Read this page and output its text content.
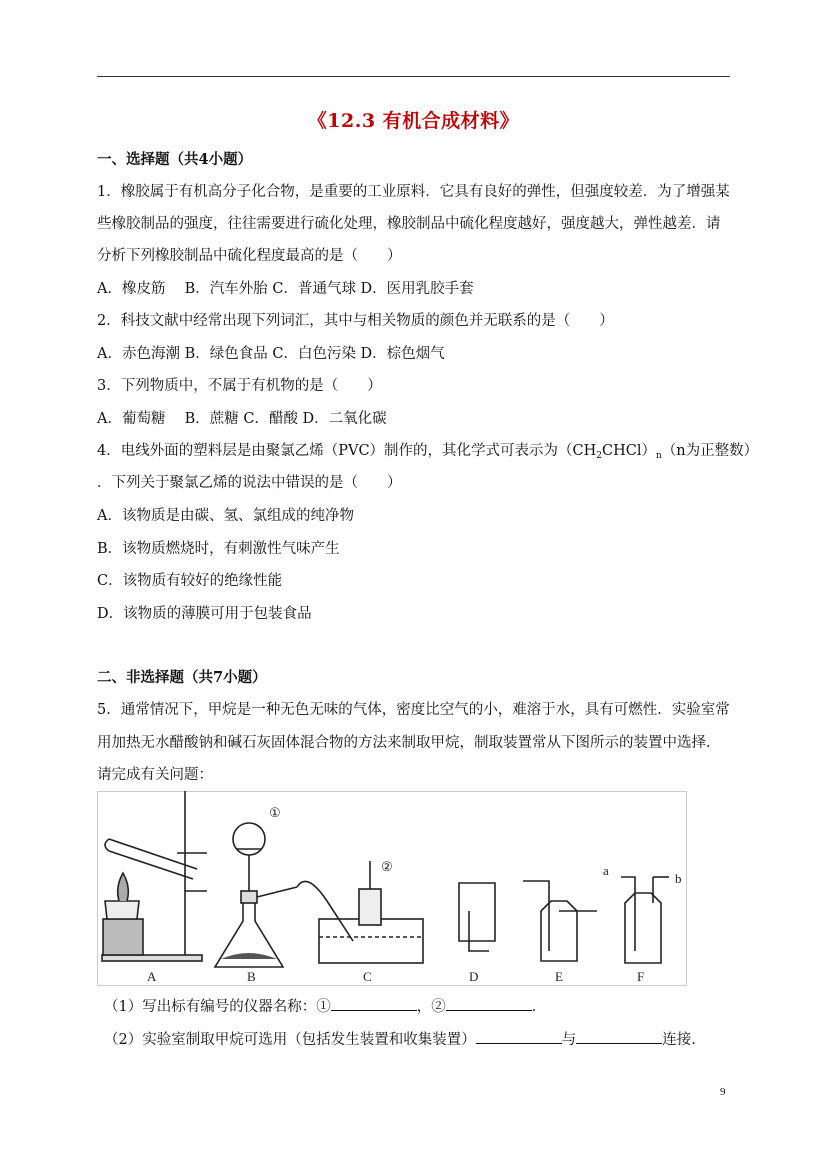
《12.3 有机合成材料》
一、选择题（共4小题）
1．橡胶属于有机高分子化合物，是重要的工业原料．它具有良好的弹性，但强度较差．为了增强某
些橡胶制品的强度，往往需要进行硫化处理，橡胶制品中硫化程度越好，强度越大，弹性越差．请
分析下列橡胶制品中硫化程度最高的是（　　）
A．橡皮筋　 B．汽车外胎 C．普通气球 D．医用乳胶手套
2．科技文献中经常出现下列词汇，其中与相关物质的颜色并无联系的是（　　）
A．赤色海潮 B．绿色食品 C．白色污染 D．棕色烟气
3．下列物质中，不属于有机物的是（　　）
A．葡萄糖　 B．蔗糖 C．醋酸 D．二氧化碳
4．电线外面的塑料层是由聚氯乙烯（PVC）制作的，其化学式可表示为$(CH_2CHCl)_n(n$为正整数）
．下列关于聚氯乙烯的说法中错误的是（　　）
A．该物质是由碳、氢、氯组成的纯净物
B．该物质燃烧时，有刺激性气味产生
C．该物质有较好的绝缘性能
D．该物质的薄膜可用于包装食品
二、非选择题（共7小题）
5．通常情况下，甲烷是一种无色无味的气体，密度比空气的小，难溶于水，具有可燃性．实验室常
用加热无水醋酸钠和碱石灰固体混合物的方法来制取甲烷，制取装置常从下图所示的装置中选择．
请完成有关问题：
A	B	C	D	E	F
①
②	a
b
（1）写出标有编号的仪器名称：①	，②	．
（2）实验室制取甲烷可选用（包括发生装置和收集装置）	与	连接．
9
